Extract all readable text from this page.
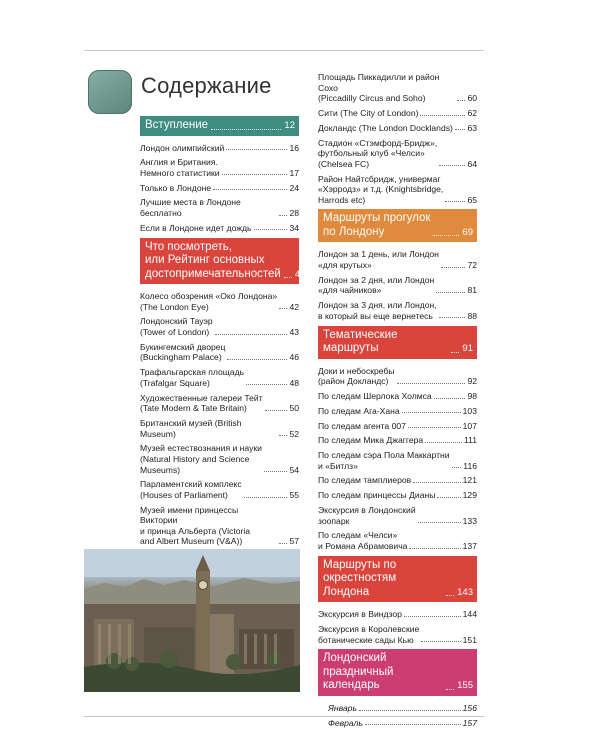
Содержание
Вступление	12
Лондон олимпийский	16
Англия и Британия.
Немного статистики	17
Только в Лондоне	24
Лучшие места в Лондоне бесплатно	28
Если в Лондоне идет дождь	34
Что посмотреть,
или Рейтинг основных
достопримечательностей 41
Колесо обозрения «Око Лондона»
(The London Eye)	42
Лондонский Тауэр
(Tower of London)	43
Букингемский дворец
(Buckingham Palace)	46
Трафальгарская площадь
(Trafalgar Square)	48
Художественные галереи Тейт
(Tate Modern & Tate Britain)	50
Британский музей (British Museum)	52
Музей естествознания и науки
(Natural History and Science
Museums)	54
Парламентский комплекс
(Houses of Parliament)	55
Музей имени принцессы Виктории
и принца Альберта (Victoria
and Albert Museum (V&A))	57
Площадь Пиккадилли и район Сохо
(Piccadilly Circus and Soho)	60
Сити (The City of London)	62
Докландс (The London Docklands) 63
Стадион «Стэмфорд-Бридж»,
футбольный клуб «Челси»
(Chelsea FC)	64
Район Найтсбридж, универмаг
«Хэрродз» и т.д. (Knightsbridge,
Harrods etc)	65
Маршруты прогулок
по Лондону	69
Лондон за 1 день, или Лондон
«для крутых»	72
Лондон за 2 дня, или Лондон
«для чайников»	81
Лондон за 3 дня, или Лондон,
в который вы еще вернетесь	88
Тематические маршруты	91
Доки и небоскребы
(район Докландс)	92
По следам Шерлока Холмса	98
По следам Ага-Хана	103
По следам агента 007	107
По следам Мика Джаггера	111
По следам сэра Пола Маккартни
и «Битлз»	116
По следам тамплиеров	121
По следам принцессы Дианы	129
Экскурсия в Лондонский
зоопарк	133
По следам «Челси»
и Романа Абрамовича	137
Маршруты по окрестностям
Лондона	143
Экскурсия в Виндзор	144
Экскурсия в Королевские
ботанические сады Кью	151
Лондонский праздничный
календарь	155
Январь	156
Февраль	157
